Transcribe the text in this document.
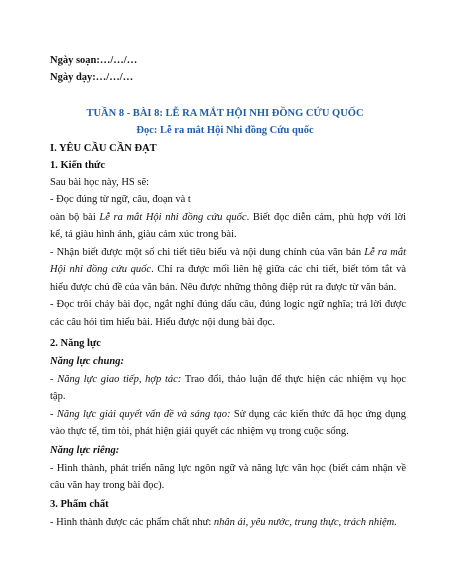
Ngày soạn:…/…/…
Ngày dạy:…/…/…
TUẦN 8 - BÀI 8: LỄ RA MẮT HỘI NHI ĐỒNG CỨU QUỐC
Đọc: Lễ ra mắt Hội Nhi đồng Cứu quốc
I. YÊU CẦU CẦN ĐẠT
1. Kiến thức
Sau bài học này, HS sẽ:
- Đọc đúng từ ngữ, câu, đoạn và t
oàn bộ bài Lễ ra mắt Hội nhi đồng cứu quốc. Biết đọc diễn cảm, phù hợp với lời
kể, tả giàu hình ảnh, giàu cảm xúc trong bài.
- Nhận biết được một số chi tiết tiêu biểu và nội dung chính của văn bản Lễ ra mắt
Hội nhi đồng cứu quốc. Chỉ ra được mối liên hệ giữa các chi tiết, biết tóm tắt và
hiểu được chủ đề của văn bản. Nêu được những thông điệp rút ra được từ văn bản.
- Đọc trôi chảy bài đọc, ngắt nghỉ đúng dấu câu, đúng logic ngữ nghĩa; trả lời được
các câu hỏi tìm hiểu bài. Hiểu được nội dung bài đọc.
2. Năng lực
Năng lực chung:
- Năng lực giao tiếp, hợp tác: Trao đổi, thảo luận để thực hiện các nhiệm vụ học
tập.
- Năng lực giải quyết vấn đề và sáng tạo: Sử dụng các kiến thức đã học ứng dụng
vào thực tế, tìm tòi, phát hiện giải quyết các nhiệm vụ trong cuộc sống.
Năng lực riêng:
- Hình thành, phát triển năng lực ngôn ngữ và năng lực văn học (biết cảm nhận về
câu văn hay trong bài đọc).
3. Phẩm chất
- Hình thành được các phẩm chất như: nhân ái, yêu nước, trung thực, trách nhiệm.
